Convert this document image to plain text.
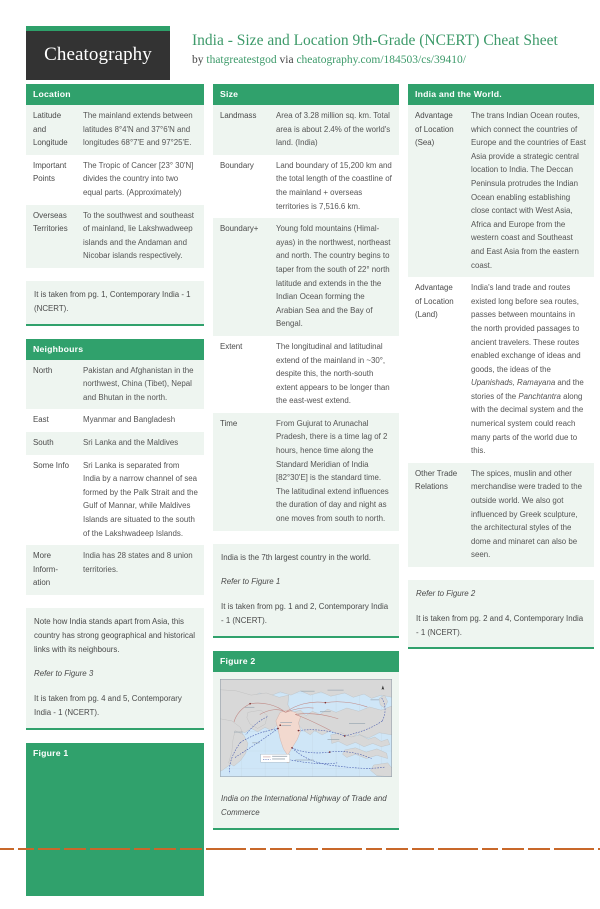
Cheatography
India - Size and Location 9th-Grade (NCERT) Cheat Sheet
by thatgreatestgod via cheatography.com/184503/cs/39410/
Location
Latitude and Longitude	The mainland extends between latitudes 8°4'N and 37°6'N and longitudes 68°7'E and 97°25'E.
Important Points	The Tropic of Cancer [23° 30'N] divides the country into two equal parts. (Approximately)
Overseas Territories	To the southwest and southeast of mainland, lie Lakshwadweep islands and the Andaman and Nicobar islands respectively.

It is taken from pg. 1, Contemporary India - 1 (NCERT).

Neighbours
North	Pakistan and Afghanistan in the northwest, China (Tibet), Nepal and Bhutan in the north.
East	Myanmar and Bangladesh
South	Sri Lanka and the Maldives
Some Info	Sri Lanka is separated from India by a narrow channel of sea formed by the Palk Strait and the Gulf of Mannar, while Maldives Islands are situated to the south of the Lakshwadeep Islands.
More Information	India has 28 states and 8 union territories.

Note how India stands apart from Asia, this country has strong geographical and historical links with its neighbours.

Refer to Figure 3

It is taken from pg. 4 and 5, Contemporary India - 1 (NCERT).

Figure 1
Size
Landmass	Area of 3.28 million sq. km. Total area is about 2.4% of the world's land. (India)
Boundary	Land boundary of 15,200 km and the total length of the coastline of the mainland + overseas territories is 7,516.6 km.
Boundary+	Young fold mountains (Himalayas) in the northwest, northeast and north. The country begins to taper from the south of 22° north latitude and extends in the the Indian Ocean forming the Arabian Sea and the Bay of Bengal.
Extent	The longitudinal and latitudinal extend of the mainland in ~30°, despite this, the north-south extent appears to be longer than the east-west extend.
Time	From Gujurat to Arunachal Pradesh, there is a time lag of 2 hours, hence time along the Standard Meridian of India [82°30'E] is the standard time. The latitudinal extend influences the duration of day and night as one moves from south to north.

India is the 7th largest country in the world.

Refer to Figure 1

It is taken from pg. 1 and 2, Contemporary India - 1 (NCERT).

Figure 2
India on the International Highway of Trade and Commerce
India and the World.
Advantage of Location (Sea)	The trans Indian Ocean routes, which connect the countries of Europe and the countries of East Asia provide a strategic central location to India. The Deccan Peninsula protrudes the Indian Ocean enabling establishing close contact with West Asia, Africa and Europe from the western coast and Southeast and East Asia from the eastern coast.
Advantage of Location (Land)	India's land trade and routes existed long before sea routes, passes between mountains in the north provided passages to ancient travelers. These routes enabled exchange of ideas and goods, the ideas of the Upanishads, Ramayana and the stories of the Panchtantra along with the decimal system and the numerical system could reach many parts of the world due to this.
Other Trade Relations	The spices, muslin and other merchandise were traded to the outside world. We also got influenced by Greek sculpture, the architectural styles of the dome and minaret can also be seen.

Refer to Figure 2

It is taken from pg. 2 and 4, Contemporary India - 1 (NCERT).
